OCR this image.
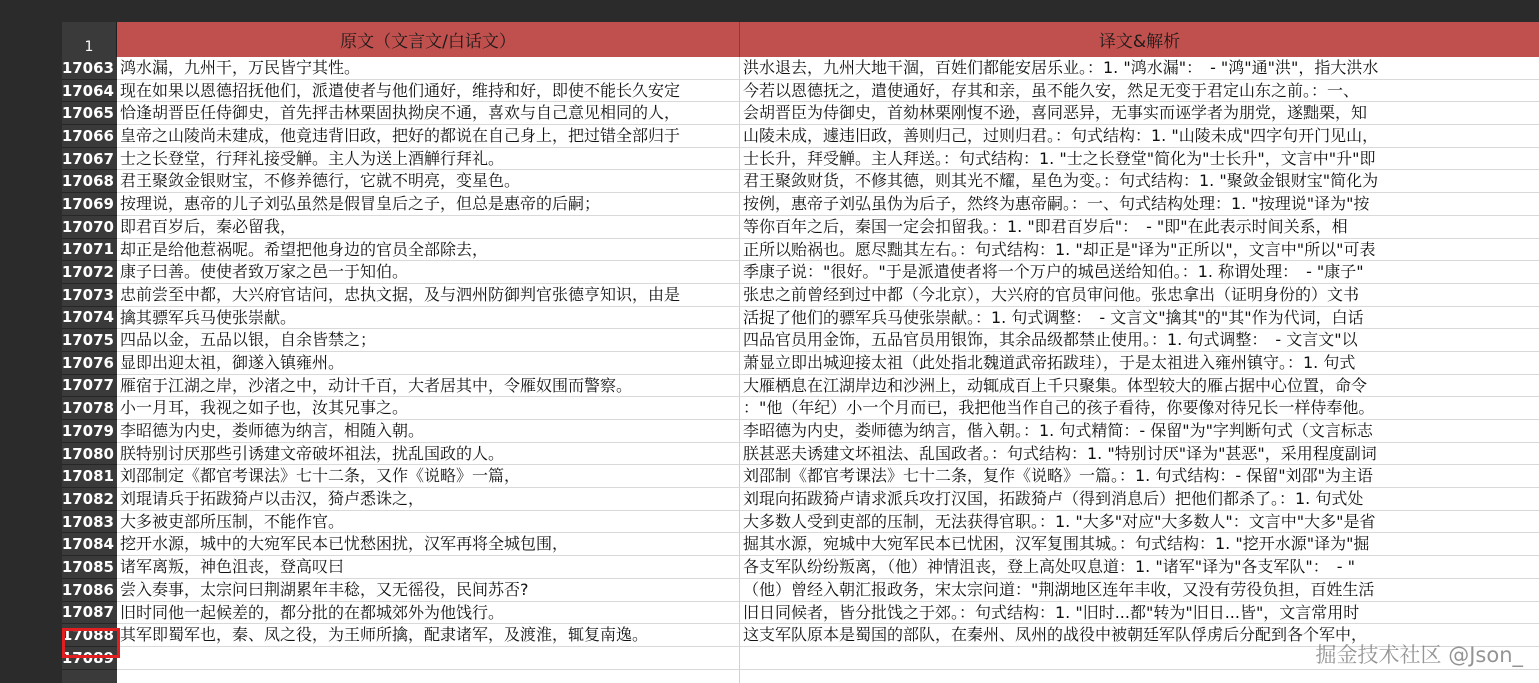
1	原文（文言文/白话文）	译文&解析
17063 鸿水漏，九州干，万民皆宁其性。	洪水退去，九州大地干涸，百姓们都能安居乐业。：1. "鸿水漏"：　- "鸿"通"洪"，指大洪水
17064 现在如果以恩德招抚他们，派遣使者与他们通好，维持和好，即使不能长久安定	今若以恩德抚之，遣使通好，存其和亲，虽不能久安，然足无变于君定山东之前。：一、
17065 恰逢胡晋臣任侍御史，首先抨击林栗固执拗戾不通，喜欢与自己意见相同的人，	会胡晋臣为侍御史，首劾林栗刚愎不逊，喜同恶异，无事实而诬学者为朋党，遂黜栗，知
17066 皇帝之山陵尚未建成，他竟违背旧政，把好的都说在自己身上，把过错全部归于	山陵未成，遽违旧政，善则归己，过则归君。：句式结构：1. "山陵未成"四字句开门见山，
17067 士之长登堂，行拜礼接受觯。主人为送上酒觯行拜礼。	士长升，拜受觯。主人拜送。：句式结构：1. "士之长登堂"简化为"士长升"，文言中"升"即
17068 君王聚敛金银财宝，不修养德行，它就不明亮，变星色。	君王聚敛财货，不修其德，则其光不耀，星色为变。：句式结构：1. "聚敛金银财宝"简化为
17069 按理说，惠帝的儿子刘弘虽然是假冒皇后之子，但总是惠帝的后嗣；	按例，惠帝子刘弘虽伪为后子，然终为惠帝嗣。：一、句式结构处理：1. "按理说"译为"按
17070 即君百岁后，秦必留我，	等你百年之后，秦国一定会扣留我。：1. "即君百岁后"：　- "即"在此表示时间关系，相
17071 却正是给他惹祸呢。希望把他身边的官员全部除去，	正所以贻祸也。愿尽黜其左右。：句式结构：1. "却正是"译为"正所以"，文言中"所以"可表
17072 康子曰善。使使者致万家之邑一于知伯。	季康子说："很好。"于是派遣使者将一个万户的城邑送给知伯。：1. 称谓处理：　- "康子"
17073 忠前尝至中都，大兴府官诘问，忠执文据，及与泗州防御判官张德亨知识，由是	张忠之前曾经到过中都（今北京），大兴府的官员审问他。张忠拿出（证明身份的）文书
17074 擒其骠军兵马使张崇献。	活捉了他们的骠军兵马使张崇献。：1. 句式调整：　- 文言文"擒其"的"其"作为代词，白话
17075 四品以金，五品以银，自余皆禁之；	四品官员用金饰，五品官员用银饰，其余品级都禁止使用。：1. 句式调整：　- 文言文"以
17076 显即出迎太祖，御遂入镇雍州。	萧显立即出城迎接太祖（此处指北魏道武帝拓跋珪），于是太祖进入雍州镇守。：1. 句式
17077 雁宿于江湖之岸，沙渚之中，动计千百，大者居其中，令雁奴围而警察。	大雁栖息在江湖岸边和沙洲上，动辄成百上千只聚集。体型较大的雁占据中心位置，命令
17078 小一月耳，我视之如子也，汝其兄事之。	："他（年纪）小一个月而已，我把他当作自己的孩子看待，你要像对待兄长一样侍奉他。
17079 李昭德为内史，娄师德为纳言，相随入朝。	李昭德为内史，娄师德为纳言，偕入朝。：1. 句式精简：- 保留"为"字判断句式（文言标志
17080 朕特别讨厌那些引诱建文帝破坏祖法，扰乱国政的人。	朕甚恶夫诱建文坏祖法、乱国政者。：句式结构：1. "特别讨厌"译为"甚恶"，采用程度副词
17081 刘邵制定《都官考课法》七十二条，又作《说略》一篇，	刘邵制《都官考课法》七十二条，复作《说略》一篇。：1. 句式结构：- 保留"刘邵"为主语
17082 刘琨请兵于拓跋猗卢以击汉，猗卢悉诛之，	刘琨向拓跋猗卢请求派兵攻打汉国，拓跋猗卢（得到消息后）把他们都杀了。：1. 句式处
17083 大多被吏部所压制，不能作官。	大多数人受到吏部的压制，无法获得官职。：1. "大多"对应"大多数人"：文言中"大多"是省
17084 挖开水源，城中的大宛军民本已忧愁困扰，汉军再将全城包围，	掘其水源，宛城中大宛军民本已忧困，汉军复围其城。：句式结构：1. "挖开水源"译为"掘
17085 诸军离叛，神色沮丧，登高叹曰	各支军队纷纷叛离，（他）神情沮丧，登上高处叹息道：1. "诸军"译为"各支军队"：　- "
17086 尝入奏事，太宗问曰荆湖累年丰稔，又无徭役，民间苏否?	（他）曾经入朝汇报政务，宋太宗问道："荆湖地区连年丰收，又没有劳役负担，百姓生活
17087 旧时同他一起候差的，都分批的在都城郊外为他饯行。	旧日同候者，皆分批饯之于郊。：句式结构：1. "旧时...都"转为"旧日...皆"，文言常用时
17088 其军即蜀军也，秦、凤之役，为王师所擒，配隶诸军，及渡淮，辄复南逸。	这支军队原本是蜀国的部队，在秦州、凤州的战役中被朝廷军队俘虏后分配到各个军中，
17089	掘金技术社区 @Json_
